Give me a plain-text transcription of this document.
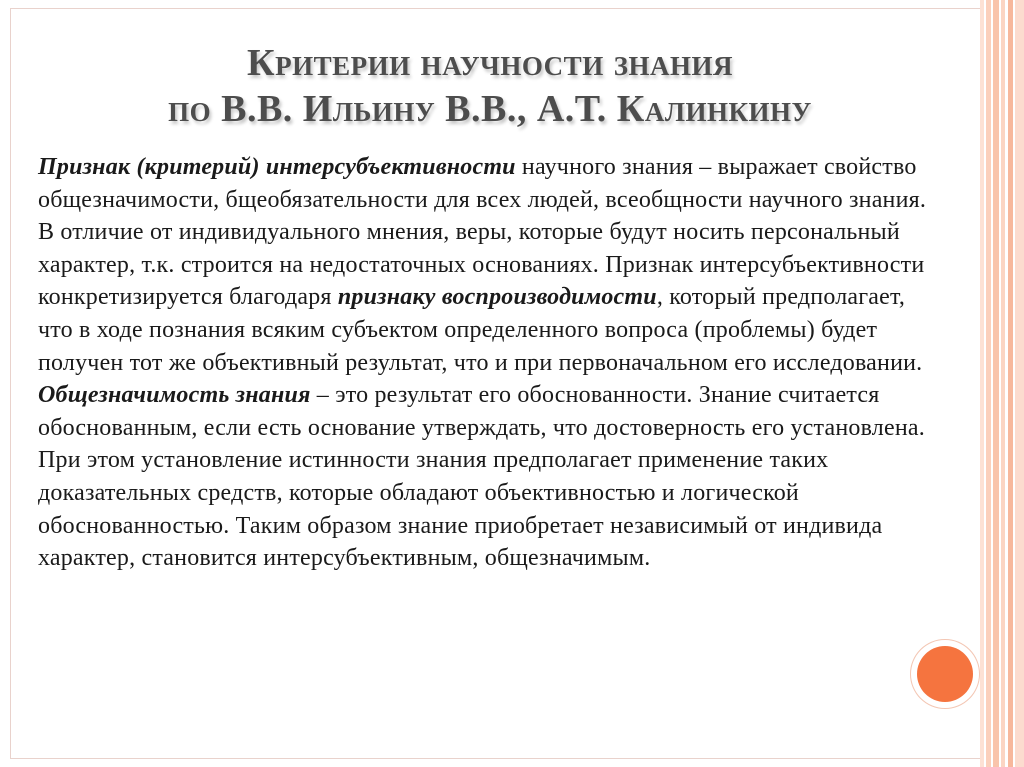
Критерии научности знания
по В.В. Ильину В.В., А.Т. Калинкину

Признак (критерий) интерсубъективности научного знания – выражает свойство общезначимости, бщеобязательности для всех людей, всеобщности научного знания. В отличие от индивидуального мнения, веры, которые будут носить персональный характер, т.к. строится на недостаточных основаниях. Признак интерсубъективности конкретизируется благодаря признаку воспроизводимости, который предполагает, что в ходе познания всяким субъектом определенного вопроса (проблемы) будет получен тот же объективный результат, что и при первоначальном его исследовании.

Общезначимость знания – это результат его обоснованности. Знание считается обоснованным, если есть основание утверждать, что достоверность его установлена. При этом установление истинности знания предполагает применение таких доказательных средств, которые обладают объективностью и логической обоснованностью. Таким образом знание приобретает независимый от индивида характер, становится интерсубъективным, общезначимым.
